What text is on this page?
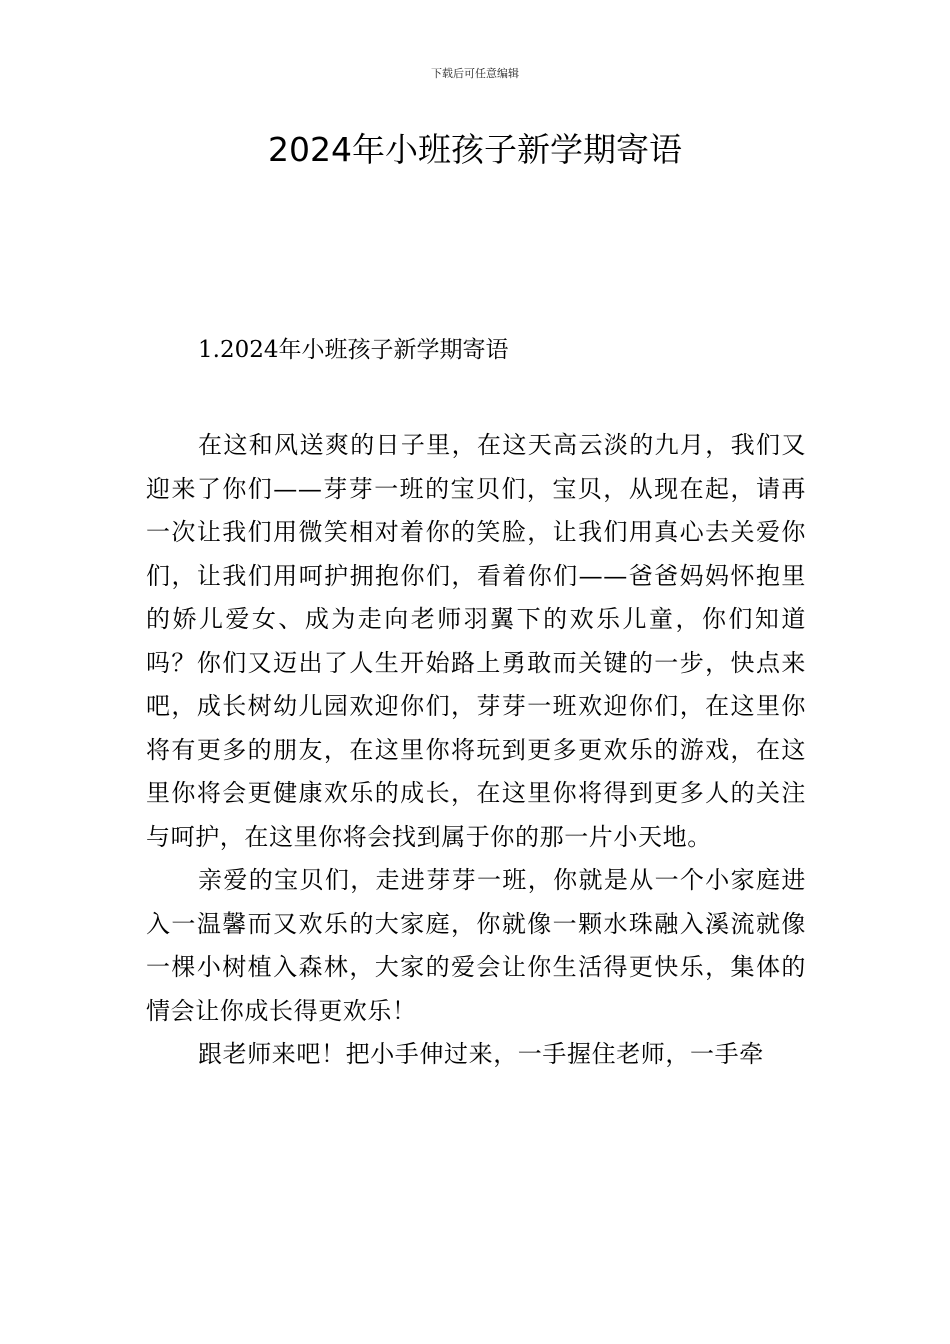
下载后可任意编辑
2024年小班孩子新学期寄语
1.2024年小班孩子新学期寄语

在这和风送爽的日子里，在这天高云淡的九月，我们又迎来了你们——芽芽一班的宝贝们，宝贝，从现在起，请再一次让我们用微笑相对着你的笑脸，让我们用真心去关爱你们，让我们用呵护拥抱你们，看着你们——爸爸妈妈怀抱里的娇儿爱女、成为走向老师羽翼下的欢乐儿童，你们知道吗？你们又迈出了人生开始路上勇敢而关键的一步，快点来吧，成长树幼儿园欢迎你们，芽芽一班欢迎你们，在这里你将有更多的朋友，在这里你将玩到更多更欢乐的游戏，在这里你将会更健康欢乐的成长，在这里你将得到更多人的关注与呵护，在这里你将会找到属于你的那一片小天地。

亲爱的宝贝们，走进芽芽一班，你就是从一个小家庭进入一温馨而又欢乐的大家庭，你就像一颗水珠融入溪流就像一棵小树植入森林，大家的爱会让你生活得更快乐，集体的情会让你成长得更欢乐！

跟老师来吧！把小手伸过来，一手握住老师，一手牵
